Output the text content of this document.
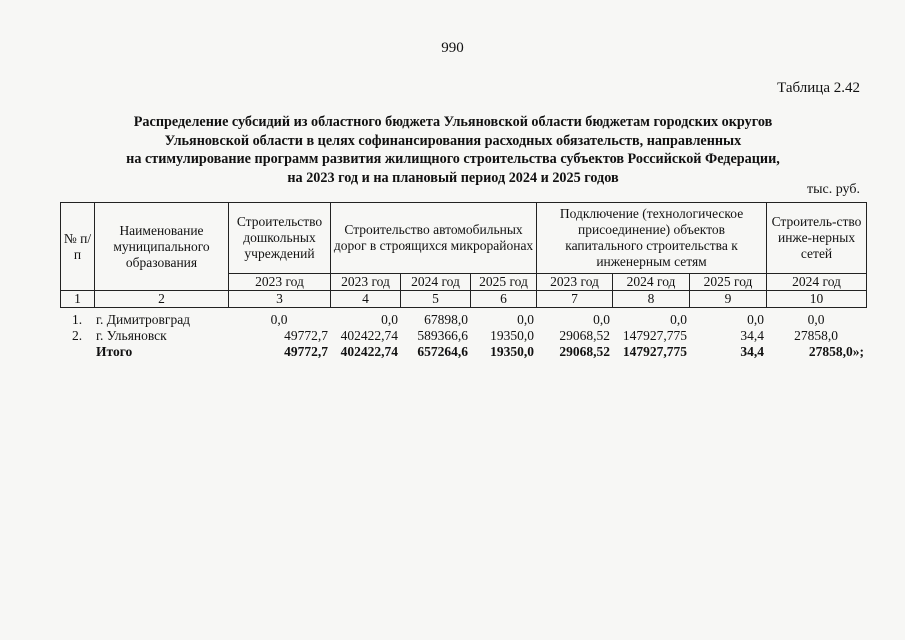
990
Таблица 2.42
Распределение субсидий из областного бюджета Ульяновской области бюджетам городских округов
Ульяновской области в целях софинансирования расходных обязательств, направленных
на стимулирование программ развития жилищного строительства субъектов Российской Федерации,
на 2023 год и на плановый период 2024 и 2025 годов
тыс. руб.
№ п/п	Наименование муниципального образования	Строительство дошкольных учреждений	Строительство автомобильных дорог в строящихся микрорайонах			Подключение (технологическое присоединение) объектов капитального строительства к инженерным сетям			Строитель-ство инже-нерных сетей
		2023 год	2023 год	2024 год	2025 год	2023 год	2024 год	2025 год	2024 год
1	2	3	4	5	6	7	8	9	10
1.	г. Димитровград	0,0	0,0	67898,0	0,0	0,0	0,0	0,0	0,0
2.	г. Ульяновск	49772,7	402422,74	589366,6	19350,0	29068,52	147927,775	34,4	27858,0
	Итого	49772,7	402422,74	657264,6	19350,0	29068,52	147927,775	34,4	27858,0»;
